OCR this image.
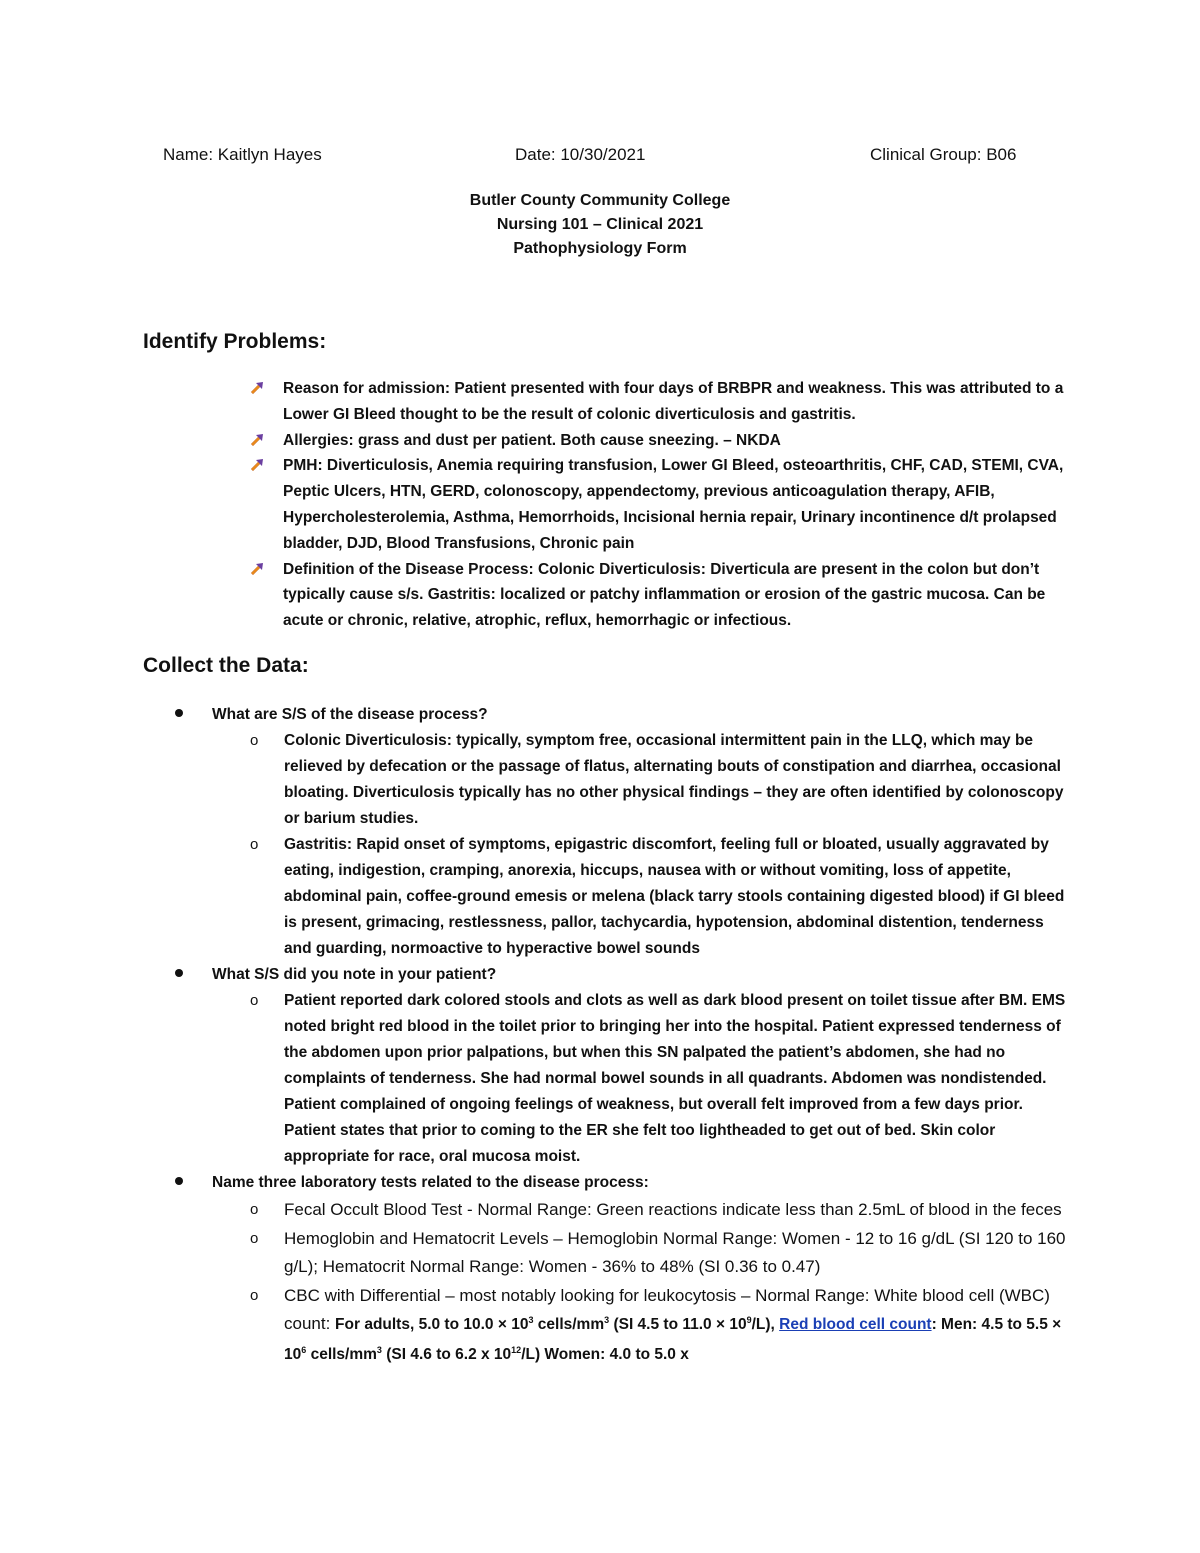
Name: Kaitlyn Hayes	Date: 10/30/2021	Clinical Group: B06
Butler County Community College
Nursing 101 – Clinical 2021
Pathophysiology Form
Identify Problems:
Reason for admission: Patient presented with four days of BRBPR and weakness. This was attributed to a Lower GI Bleed thought to be the result of colonic diverticulosis and gastritis.
Allergies: grass and dust per patient. Both cause sneezing. – NKDA
PMH: Diverticulosis, Anemia requiring transfusion, Lower GI Bleed, osteoarthritis, CHF, CAD, STEMI, CVA, Peptic Ulcers, HTN, GERD, colonoscopy, appendectomy, previous anticoagulation therapy, AFIB, Hypercholesterolemia, Asthma, Hemorrhoids, Incisional hernia repair, Urinary incontinence d/t prolapsed bladder, DJD, Blood Transfusions, Chronic pain
Definition of the Disease Process: Colonic Diverticulosis: Diverticula are present in the colon but don’t typically cause s/s. Gastritis: localized or patchy inflammation or erosion of the gastric mucosa. Can be acute or chronic, relative, atrophic, reflux, hemorrhagic or infectious.
Collect the Data:
What are S/S of the disease process?
o Colonic Diverticulosis: typically, symptom free, occasional intermittent pain in the LLQ, which may be relieved by defecation or the passage of flatus, alternating bouts of constipation and diarrhea, occasional bloating. Diverticulosis typically has no other physical findings – they are often identified by colonoscopy or barium studies.
o Gastritis: Rapid onset of symptoms, epigastric discomfort, feeling full or bloated, usually aggravated by eating, indigestion, cramping, anorexia, hiccups, nausea with or without vomiting, loss of appetite, abdominal pain, coffee-ground emesis or melena (black tarry stools containing digested blood) if GI bleed is present, grimacing, restlessness, pallor, tachycardia, hypotension, abdominal distention, tenderness and guarding, normoactive to hyperactive bowel sounds
What S/S did you note in your patient?
o Patient reported dark colored stools and clots as well as dark blood present on toilet tissue after BM. EMS noted bright red blood in the toilet prior to bringing her into the hospital. Patient expressed tenderness of the abdomen upon prior palpations, but when this SN palpated the patient’s abdomen, she had no complaints of tenderness. She had normal bowel sounds in all quadrants. Abdomen was nondistended. Patient complained of ongoing feelings of weakness, but overall felt improved from a few days prior. Patient states that prior to coming to the ER she felt too lightheaded to get out of bed. Skin color appropriate for race, oral mucosa moist.
Name three laboratory tests related to the disease process:
o Fecal Occult Blood Test - Normal Range: Green reactions indicate less than 2.5mL of blood in the feces
o Hemoglobin and Hematocrit Levels – Hemoglobin Normal Range: Women - 12 to 16 g/dL (SI 120 to 160 g/L); Hematocrit Normal Range: Women - 36% to 48% (SI 0.36 to 0.47)
o CBC with Differential – most notably looking for leukocytosis – Normal Range: White blood cell (WBC) count: For adults, 5.0 to $10.0 \times 10^3$ cells/$mm^3$ (SI 4.5 to $11.0 \times 10^9/L$), Red blood cell count: Men: 4.5 to $5.5 \times 10^6$ cells/$mm^3$ (SI 4.6 to 6.2 x $10^{12}/L$) Women: 4.0 to 5.0 x
